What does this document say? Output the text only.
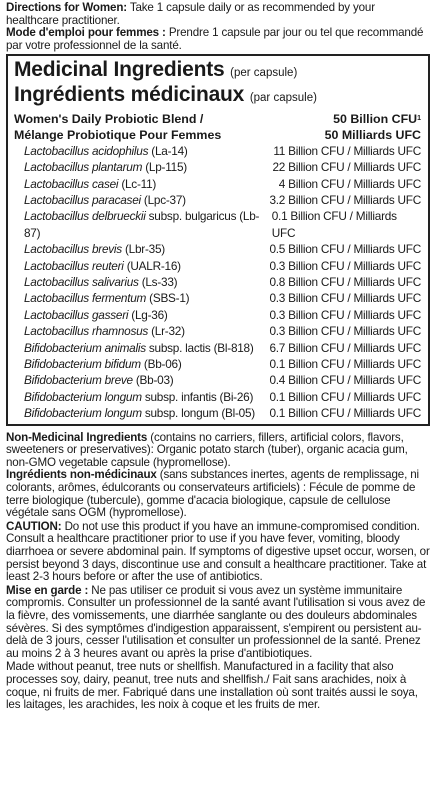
Directions for Women: Take 1 capsule daily or as recommended by your healthcare practitioner.

Mode d'emploi pour femmes : Prendre 1 capsule par jour ou tel que recommandé par votre professionnel de la santé.

Medicinal Ingredients (per capsule)
Ingrédients médicinaux (par capsule)
Women's Daily Probiotic Blend /	50 Billion CFU$^1$
Mélange Probiotique Pour Femmes	50 Milliards UFC
Lactobacillus acidophilus (La-14)	11 Billion CFU / Milliards UFC
Lactobacillus plantarum (Lp-115)	22 Billion CFU / Milliards UFC
Lactobacillus casei (Lc-11)	4 Billion CFU / Milliards UFC
Lactobacillus paracasei (Lpc-37)	3.2 Billion CFU / Milliards UFC
Lactobacillus delbrueckii subsp. bulgaricus (Lb-87)
0.1 Billion CFU / Milliards UFC
Lactobacillus brevis (Lbr-35)	0.5 Billion CFU / Milliards UFC
Lactobacillus reuteri (UALR-16)	0.3 Billion CFU / Milliards UFC
Lactobacillus salivarius (Ls-33)	0.8 Billion CFU / Milliards UFC
Lactobacillus fermentum (SBS-1)	0.3 Billion CFU / Milliards UFC
Lactobacillus gasseri (Lg-36)	0.3 Billion CFU / Milliards UFC
Lactobacillus rhamnosus (Lr-32)	0.3 Billion CFU / Milliards UFC
Bifidobacterium animalis subsp. lactis (Bl-818) 6.7 Billion CFU / Milliards UFC
Bifidobacterium bifidum (Bb-06)	0.1 Billion CFU / Milliards UFC
Bifidobacterium breve (Bb-03)	0.4 Billion CFU / Milliards UFC
Bifidobacterium longum subsp. infantis (Bi-26) 0.1 Billion CFU / Milliards UFC
Bifidobacterium longum subsp. longum (Bl-05) 0.1 Billion CFU / Milliards UFC

Non-Medicinal Ingredients (contains no carriers, fillers, artificial colors, flavors, sweeteners or preservatives): Organic potato starch (tuber), organic acacia gum, non-GMO vegetable capsule (hypromellose).

Ingrédients non-médicinaux (sans substances inertes, agents de remplissage, ni colorants, arômes, édulcorants ou conservateurs artificiels) : Fécule de pomme de terre biologique (tubercule), gomme d'acacia biologique, capsule de cellulose végétale sans OGM (hypromellose).

CAUTION: Do not use this product if you have an immune-compromised condition. Consult a healthcare practitioner prior to use if you have fever, vomiting, bloody diarrhoea or severe abdominal pain. If symptoms of digestive upset occur, worsen, or persist beyond 3 days, discontinue use and consult a healthcare practitioner. Take at least 2-3 hours before or after the use of antibiotics.

Mise en garde : Ne pas utiliser ce produit si vous avez un système immunitaire compromis. Consulter un professionnel de la santé avant l'utilisation si vous avez de la fièvre, des vomissements, une diarrhée sanglante ou des douleurs abdominales sévères. Si des symptômes d'indigestion apparaissent, s'empirent ou persistent au-delà de 3 jours, cesser l'utilisation et consulter un professionnel de la santé. Prenez au moins 2 à 3 heures avant ou après la prise d'antibiotiques.

Made without peanut, tree nuts or shellfish. Manufactured in a facility that also processes soy, dairy, peanut, tree nuts and shellfish./ Fait sans arachides, noix à coque, ni fruits de mer. Fabriqué dans une installation où sont traités aussi le soya, les laitages, les arachides, les noix à coque et les fruits de mer.
